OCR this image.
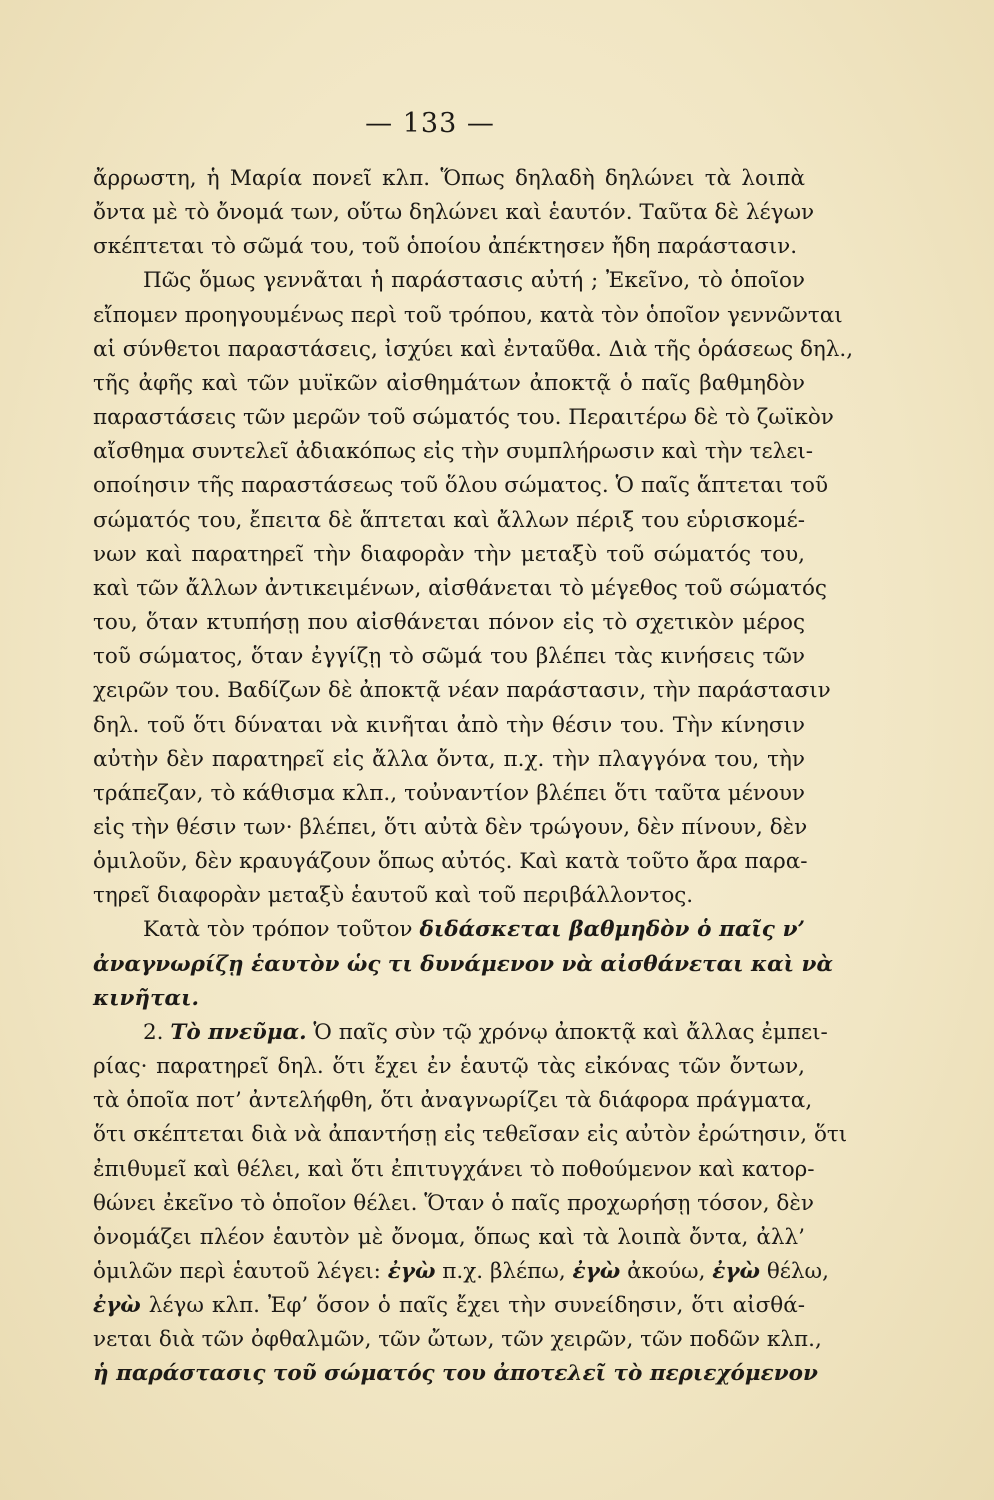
— 133 —
ἄρρωστη, ἡ Μαρία πονεῖ κλπ. Ὅπως δηλαδὴ δηλώνει τὰ λοιπὰ
ὄντα μὲ τὸ ὄνομά των, οὕτω δηλώνει καὶ ἑαυτόν. Ταῦτα δὲ λέγων
σκέπτεται τὸ σῶμά του, τοῦ ὁποίου ἀπέκτησεν ἤδη παράστασιν.
Πῶς ὅμως γεννᾶται ἡ παράστασις αὐτή ; Ἐκεῖνο, τὸ ὁποῖον
εἴπομεν προηγουμένως περὶ τοῦ τρόπου, κατὰ τὸν ὁποῖον γεννῶνται
αἱ σύνθετοι παραστάσεις, ἰσχύει καὶ ἐνταῦθα. Διὰ τῆς ὁράσεως δηλ.,
τῆς ἀφῆς καὶ τῶν μυϊκῶν αἰσθημάτων ἀποκτᾷ ὁ παῖς βαθμηδὸν
παραστάσεις τῶν μερῶν τοῦ σώματός του. Περαιτέρω δὲ τὸ ζωϊκὸν
αἴσθημα συντελεῖ ἀδιακόπως εἰς τὴν συμπλήρωσιν καὶ τὴν τελει-
οποίησιν τῆς παραστάσεως τοῦ ὅλου σώματος. Ὁ παῖς ἅπτεται τοῦ
σώματός του, ἔπειτα δὲ ἅπτεται καὶ ἄλλων πέριξ του εὑρισκομέ-
νων καὶ παρατηρεῖ τὴν διαφορὰν τὴν μεταξὺ τοῦ σώματός του,
καὶ τῶν ἄλλων ἀντικειμένων, αἰσθάνεται τὸ μέγεθος τοῦ σώματός
του, ὅταν κτυπήσῃ που αἰσθάνεται πόνον εἰς τὸ σχετικὸν μέρος
τοῦ σώματος, ὅταν ἐγγίζῃ τὸ σῶμά του βλέπει τὰς κινήσεις τῶν
χειρῶν του. Βαδίζων δὲ ἀποκτᾷ νέαν παράστασιν, τὴν παράστασιν
δηλ. τοῦ ὅτι δύναται νὰ κινῆται ἀπὸ τὴν θέσιν του. Τὴν κίνησιν
αὐτὴν δὲν παρατηρεῖ εἰς ἄλλα ὄντα, π.χ. τὴν πλαγγόνα του, τὴν
τράπεζαν, τὸ κάθισμα κλπ., τοὐναντίον βλέπει ὅτι ταῦτα μένουν
εἰς τὴν θέσιν των· βλέπει, ὅτι αὐτὰ δὲν τρώγουν, δὲν πίνουν, δὲν
ὁμιλοῦν, δὲν κραυγάζουν ὅπως αὐτός. Καὶ κατὰ τοῦτο ἄρα παρα-
τηρεῖ διαφορὰν μεταξὺ ἑαυτοῦ καὶ τοῦ περιβάλλοντος.
Κατὰ τὸν τρόπον τοῦτον διδάσκεται βαθμηδὸν ὁ παῖς ν’
ἀναγνωρίζῃ ἑαυτὸν ὡς τι δυνάμενον νὰ αἰσθάνεται καὶ νὰ
κινῆται.
2. Τὸ πνεῦμα. Ὁ παῖς σὺν τῷ χρόνῳ ἀποκτᾷ καὶ ἄλλας ἐμπει-
ρίας· παρατηρεῖ δηλ. ὅτι ἔχει ἐν ἑαυτῷ τὰς εἰκόνας τῶν ὄντων,
τὰ ὁποῖα ποτ’ ἀντελήφθη, ὅτι ἀναγνωρίζει τὰ διάφορα πράγματα,
ὅτι σκέπτεται διὰ νὰ ἀπαντήσῃ εἰς τεθεῖσαν εἰς αὐτὸν ἐρώτησιν, ὅτι
ἐπιθυμεῖ καὶ θέλει, καὶ ὅτι ἐπιτυγχάνει τὸ ποθούμενον καὶ κατορ-
θώνει ἐκεῖνο τὸ ὁποῖον θέλει. Ὅταν ὁ παῖς προχωρήσῃ τόσον, δὲν
ὀνομάζει πλέον ἑαυτὸν μὲ ὄνομα, ὅπως καὶ τὰ λοιπὰ ὄντα, ἀλλ’
ὁμιλῶν περὶ ἑαυτοῦ λέγει: ἐγὼ π.χ. βλέπω, ἐγὼ ἀκούω, ἐγὼ θέλω,
ἐγὼ λέγω κλπ. Ἐφ’ ὅσον ὁ παῖς ἔχει τὴν συνείδησιν, ὅτι αἰσθά-
νεται διὰ τῶν ὀφθαλμῶν, τῶν ὤτων, τῶν χειρῶν, τῶν ποδῶν κλπ.,
ἡ παράστασις τοῦ σώματός του ἀποτελεῖ τὸ περιεχόμενον
